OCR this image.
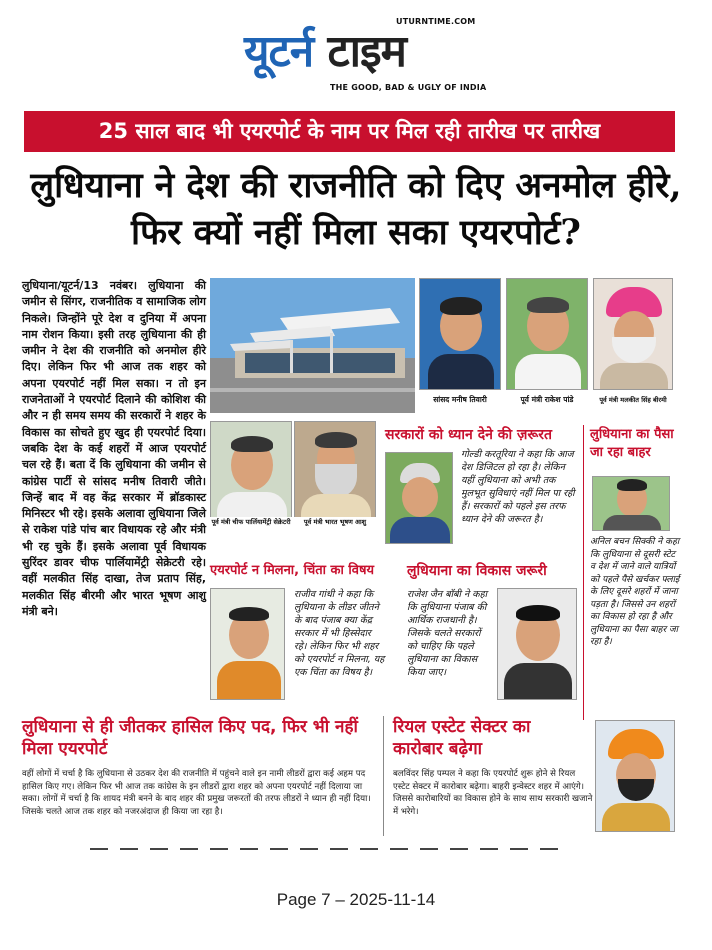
UTURNTIME.COM
यूटर्न टाइम
THE GOOD, BAD & UGLY OF INDIA
25 साल बाद भी एयरपोर्ट के नाम पर मिल रही तारीख पर तारीख
लुधियाना ने देश की राजनीति को दिए अनमोल हीरे, फिर क्यों नहीं मिला सका एयरपोर्ट?
लुधियाना/यूटर्न/13 नवंबर। लुधियाना की जमीन से सिंगर, राजनीतिक व सामाजिक लोग निकले। जिन्होंने पूरे देश व दुनिया में अपना नाम रोशन किया। इसी तरह लुधियाना की ही जमीन ने देश की राजनीति को अनमोल हीरे दिए। लेकिन फिर भी आज तक शहर को अपना एयरपोर्ट नहीं मिल सका। न तो इन राजनेताओं ने एयरपोर्ट दिलाने की कोशिश की और न ही समय समय की सरकारों ने शहर के विकास का सोचते हुए खुद ही एयरपोर्ट दिया। जबकि देश के कई शहरों में आज एयरपोर्ट चल रहे हैं। बता दें कि लुधियाना की जमीन से कांग्रेस पार्टी से सांसद मनीष तिवारी जीते। जिन्हें बाद में वह केंद्र सरकार में ब्रॉडकास्ट मिनिस्टर भी रहे। इसके अलावा लुधियाना जिले से राकेश पांडे पांच बार विधायक रहे और मंत्री भी रह चुके हैं। इसके अलावा पूर्व विधायक सुरिंदर डावर चीफ पार्लियामेंट्री सेक्रेटरी रहे। वहीं मलकीत सिंह दाखा, तेज प्रताप सिंह, मलकीत सिंह बीरमी और भारत भूषण आशु मंत्री बने।
सांसद मनीष तिवारी	पूर्व मंत्री राकेश पांडे	पूर्व मंत्री मलकीत सिंह बीरमी
पूर्व मंत्री चीफ पार्लियामेंट्री सेक्रेटरी	पूर्व मंत्री भारत भूषण आशु
सरकारों को ध्यान देने की ज़रूरत
गोल्डी करतूरिया ने कहा कि आज देश डिजिटल हो रहा है। लेकिन यहीं लुधियाना को अभी तक मुलभूत सुविधाएं नहीं मिल पा रही हैं। सरकारों को पहले इस तरफ ध्यान देने की जरूरत है।
लुधियाना का पैसा जा रहा बाहर
अनिल बचन सिक्की ने कहा कि लुधियाना से दूसरी स्टेट व देश में जाने वाले यात्रियों को पहले पैसे खर्चकर फ्लाई के लिए दूसरे शहरों में जाना पड़ता है। जिससे उन शहरों का विकास हो रहा है और लुधियाना का पैसा बाहर जा रहा है।
एयरपोर्ट न मिलना, चिंता का विषय
राजीव गांधी ने कहा कि लुधियाना के लीडर जीतने के बाद पंजाब क्या केंद्र सरकार में भी हिस्सेदार रहे। लेकिन फिर भी शहर को एयरपोर्ट न मिलना, यह एक चिंता का विषय है।
लुधियाना का विकास जरूरी
राजेश जैन बॉबी ने कहा कि लुधियाना पंजाब की आर्थिक राजधानी है। जिसके चलते सरकारों को चाहिए कि पहले लुधियाना का विकास किया जाए।
लुधियाना से ही जीतकर हासिल किए पद, फिर भी नहीं मिला एयरपोर्ट
वहीं लोगों में चर्चा है कि लुधियाना से उठकर देश की राजनीति में पहुंचने वाले इन नामी लीडरों द्वारा कई अहम पद हासिल किए गए। लेकिन फिर भी आज तक कांग्रेस के इन लीडरों द्वारा शहर को अपना एयरपोर्ट नहीं दिलाया जा सका। लोगों में चर्चा है कि शायद मंत्री बनने के बाद शहर की प्रमुख जरूरतों की तरफ लीडरों ने ध्यान ही नहीं दिया। जिसके चलते आज तक शहर को नजरअंदाज ही किया जा रहा है।
रियल एस्टेट सेक्टर का कारोबार बढ़ेगा
बलविंदर सिंह पम्पल ने कहा कि एयरपोर्ट शुरू होने से रियल एस्टेट सेक्टर में कारोबार बढ़ेगा। बाहरी इन्वेस्टर शहर में आएंगे। जिससे कारोबारियों का विकास होने के साथ साथ सरकारी खजाने में भरेगे।
Page 7 – 2025-11-14
